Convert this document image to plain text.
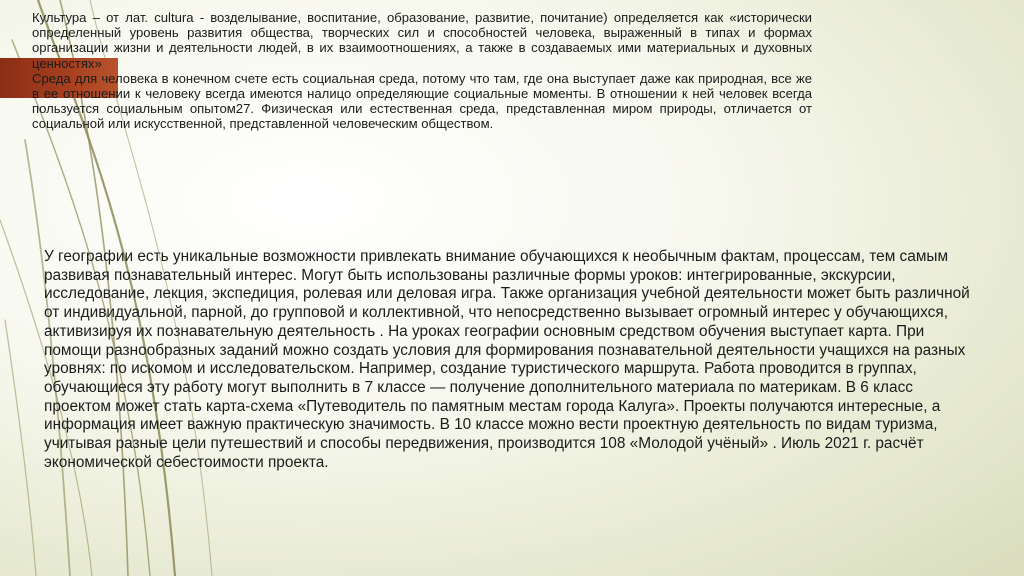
Культура – от лат. cultura - возделывание, воспитание, образование, развитие, почитание) определяется как «исторически определенный уровень развития общества, творческих сил и способностей человека, выраженный в типах и формах организации жизни и деятельности людей, в их взаимоотношениях, а также в создаваемых ими материальных и духовных ценностях»

Среда для человека в конечном счете есть социальная среда, потому что там, где она выступает даже как природная, все же в ее отношении к человеку всегда имеются налицо определяющие социальные моменты. В отношении к ней человек всегда пользуется социальным опытом27. Физическая или естественная среда, представленная миром природы, отличается от социальной или искусственной, представленной человеческим обществом.

У географии есть уникальные возможности привлекать внимание обучающихся к необычным фактам, процессам, тем самым развивая познавательный интерес. Могут быть использованы различные формы уроков: интегрированные, экскурсии, исследование, лекция, экспедиция, ролевая или деловая игра. Также организация учебной деятельности может быть различной от индивидуальной, парной, до групповой и коллективной, что непосредственно вызывает огромный интерес у обучающихся, активизируя их познавательную деятельность . На уроках географии основным средством обучения выступает карта. При помощи разнообразных заданий можно создать условия для формирования познавательной деятельности учащихся на разных уровнях: по искомом и исследовательском. Например, создание туристического маршрута. Работа проводится в группах, обучающиеся эту работу могут выполнить в 7 классе — получение дополнительного материала по материкам. В 6 класс проектом может стать карта-схема «Путеводитель по памятным местам города Калуга». Проекты получаются интересные, а информация имеет важную практическую значимость. В 10 классе можно вести проектную деятельность по видам туризма, учитывая разные цели путешествий и способы передвижения, производится 108 «Молодой учёный» . Июль 2021 г. расчёт экономической себестоимости проекта.
